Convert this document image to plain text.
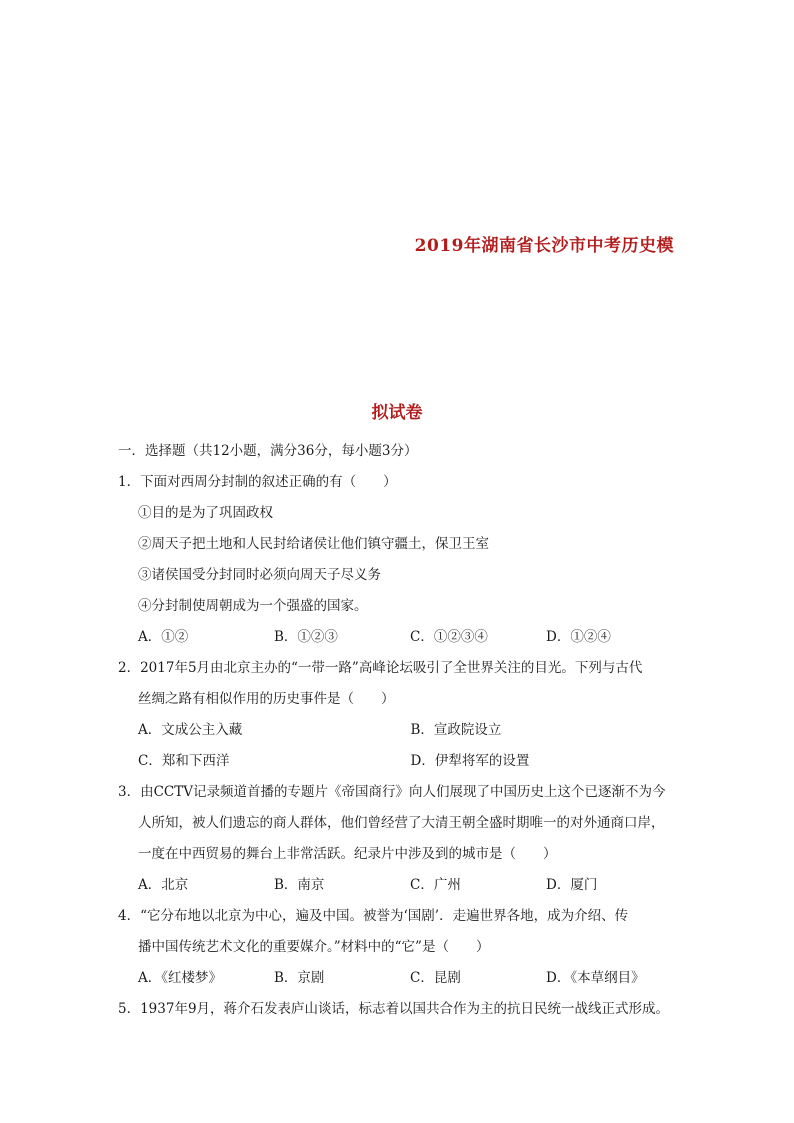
2019年湖南省长沙市中考历史模
拟试卷
一．选择题（共12小题，满分36分，每小题3分）
1．下面对西周分封制的叙述正确的有（　　）
①目的是为了巩固政权
②周天子把土地和人民封给诸侯让他们镇守疆土，保卫王室
③诸侯国受分封同时必须向周天子尽义务
④分封制使周朝成为一个强盛的国家。
A．①②	B．①②③	C．①②③④	D．①②④
2．2017年5月由北京主办的“一带一路”高峰论坛吸引了全世界关注的目光。下列与古代
丝绸之路有相似作用的历史事件是（　　）
A．文成公主入藏	B．宣政院设立
C．郑和下西洋	D．伊犁将军的设置
3．由CCTV记录频道首播的专题片《帝国商行》向人们展现了中国历史上这个已逐渐不为今
人所知，被人们遗忘的商人群体，他们曾经营了大清王朝全盛时期唯一的对外通商口岸，
一度在中西贸易的舞台上非常活跃。纪录片中涉及到的城市是（　　）
A．北京	B．南京	C．广州	D．厦门
4．“它分布地以北京为中心，遍及中国。被誉为‘国剧’．走遍世界各地，成为介绍、传
播中国传统艺术文化的重要媒介。”材料中的“它”是（　　）
A．《红楼梦》	B．京剧	C．昆剧	D．《本草纲目》
5．1937年9月，蒋介石发表庐山谈话，标志着以国共合作为主的抗日民统一战线正式形成。
